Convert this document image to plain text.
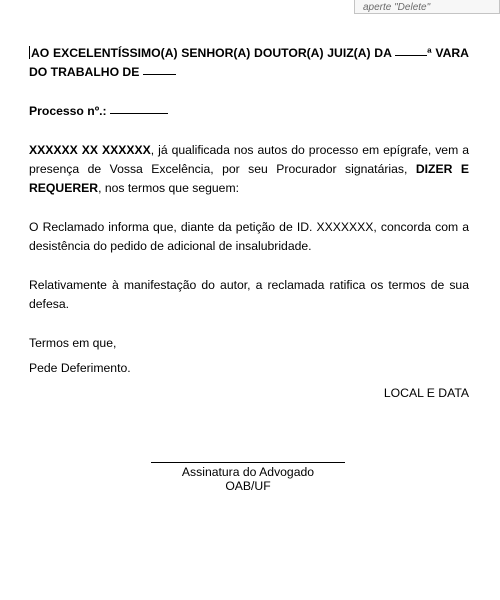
aperte "Delete"
AO EXCELENTÍSSIMO(A) SENHOR(A) DOUTOR(A) JUIZ(A) DA	ª VARA DO TRABALHO DE
Processo nº.:

XXXXXX XX XXXXXX, já qualificada nos autos do processo em epígrafe, vem a presença de Vossa Excelência, por seu Procurador signatárias, DIZER E REQUERER, nos termos que seguem:

O Reclamado informa que, diante da petição de ID. XXXXXXX, concorda com a desistência do pedido de adicional de insalubridade.

Relativamente à manifestação do autor, a reclamada ratifica os termos de sua defesa.

Termos em que,
Pede Deferimento.
LOCAL E DATA
Assinatura do Advogado
OAB/UF
